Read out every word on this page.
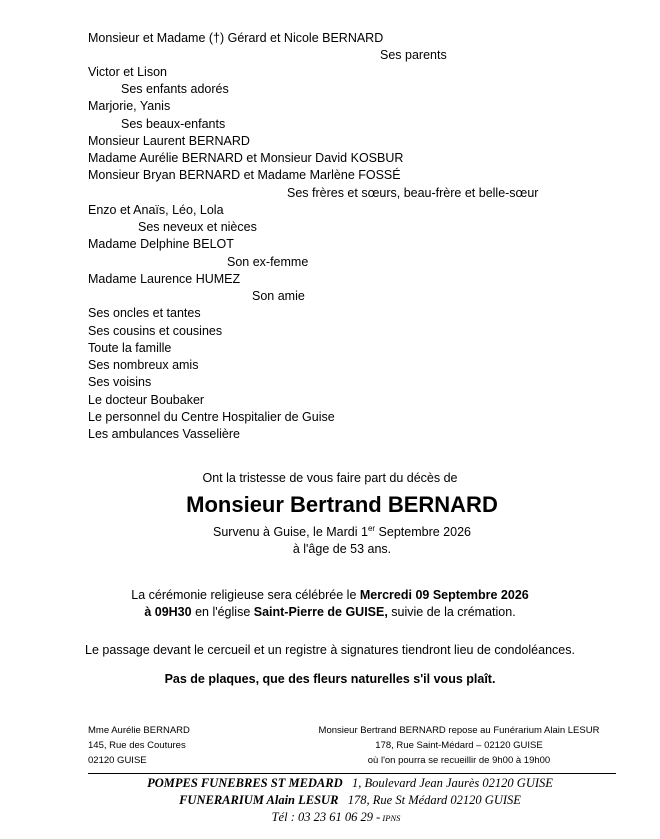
Monsieur et Madame (†) Gérard et Nicole BERNARD
Ses parents
Victor et Lison
Ses enfants adorés
Marjorie, Yanis
Ses beaux-enfants
Monsieur Laurent BERNARD
Madame Aurélie BERNARD et Monsieur David KOSBUR
Monsieur Bryan BERNARD et Madame Marlène FOSSÉ
Ses frères et sœurs, beau-frère et belle-sœur
Enzo et Anaïs, Léo, Lola
Ses neveux et nièces
Madame Delphine BELOT
Son ex-femme
Madame Laurence HUMEZ
Son amie
Ses oncles et tantes
Ses cousins et cousines
Toute la famille
Ses nombreux amis
Ses voisins
Le docteur Boubaker
Le personnel du Centre Hospitalier de Guise
Les ambulances Vasselière
Ont la tristesse de vous faire part du décès de
Monsieur Bertrand BERNARD
Survenu à Guise, le Mardi 1er Septembre 2026
à l'âge de 53 ans.
La cérémonie religieuse sera célébrée le Mercredi 09 Septembre 2026
à 09H30 en l'église Saint-Pierre de GUISE, suivie de la crémation.
Le passage devant le cercueil et un registre à signatures tiendront lieu de condoléances.
Pas de plaques, que des fleurs naturelles s'il vous plaît.
Mme Aurélie BERNARD
145, Rue des Coutures
02120 GUISE
Monsieur Bertrand BERNARD repose au Funérarium Alain LESUR
178, Rue Saint-Médard – 02120 GUISE
où l'on pourra se recueillir de 9h00 à 19h00
POMPES FUNEBRES ST MEDARD   1, Boulevard Jean Jaurès 02120 GUISE
FUNERARIUM Alain LESUR   178, Rue St Médard 02120 GUISE
Tél : 03 23 61 06 29 - IPNS
